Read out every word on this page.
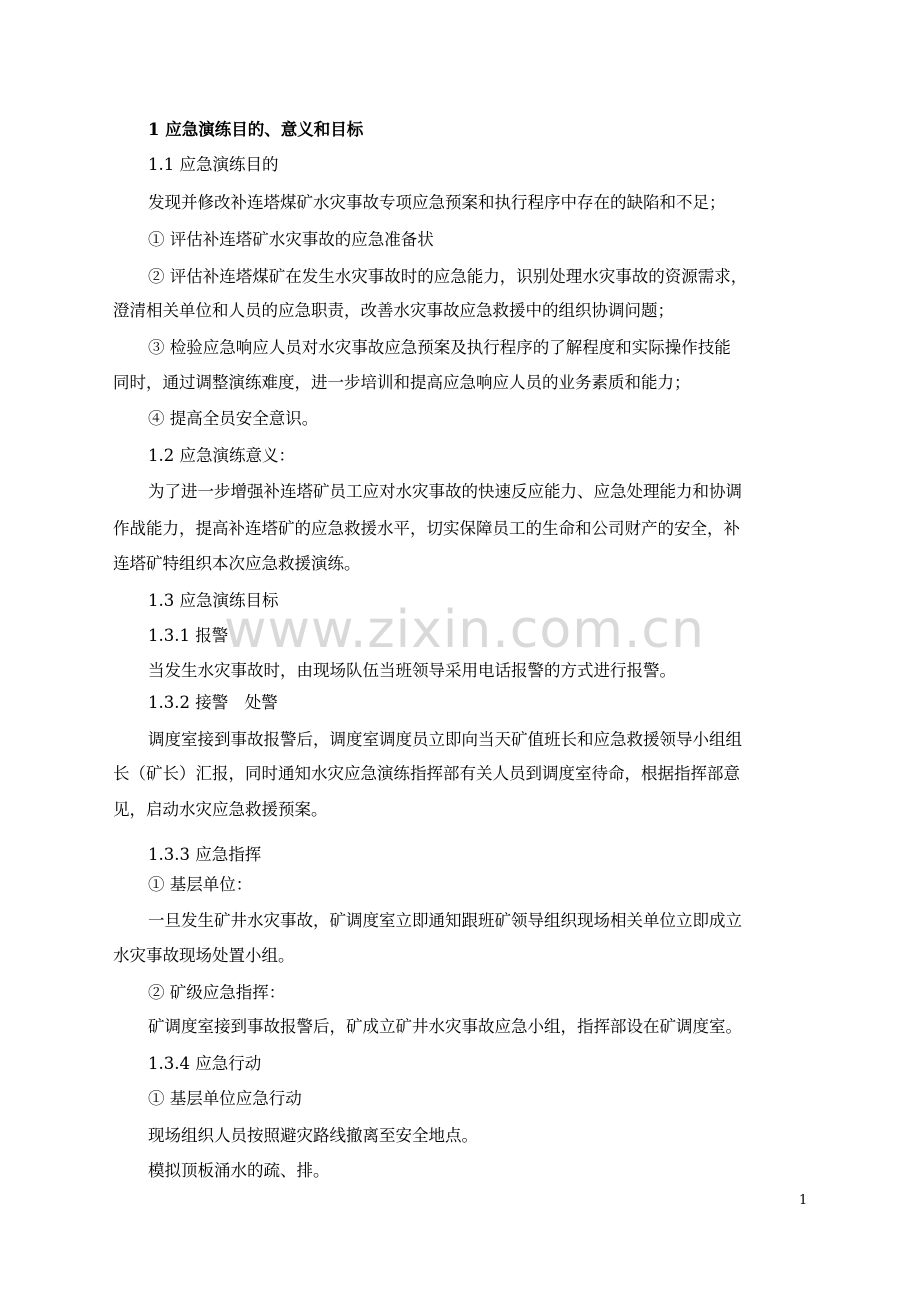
1 应急演练目的、意义和目标
1.1 应急演练目的
发现并修改补连塔煤矿水灾事故专项应急预案和执行程序中存在的缺陷和不足；
① 评估补连塔矿水灾事故的应急准备状
② 评估补连塔煤矿在发生水灾事故时的应急能力，识别处理水灾事故的资源需求，
澄清相关单位和人员的应急职责，改善水灾事故应急救援中的组织协调问题；
③ 检验应急响应人员对水灾事故应急预案及执行程序的了解程度和实际操作技能
同时，通过调整演练难度，进一步培训和提高应急响应人员的业务素质和能力；
④ 提高全员安全意识。
1.2 应急演练意义：
为了进一步增强补连塔矿员工应对水灾事故的快速反应能力、应急处理能力和协调
作战能力，提高补连塔矿的应急救援水平，切实保障员工的生命和公司财产的安全，补
连塔矿特组织本次应急救援演练。
1.3 应急演练目标
1.3.1 报警
当发生水灾事故时，由现场队伍当班领导采用电话报警的方式进行报警。
1.3.2 接警　处警
调度室接到事故报警后，调度室调度员立即向当天矿值班长和应急救援领导小组组
长（矿长）汇报，同时通知水灾应急演练指挥部有关人员到调度室待命，根据指挥部意
见，启动水灾应急救援预案。
1.3.3 应急指挥
① 基层单位：
一旦发生矿井水灾事故，矿调度室立即通知跟班矿领导组织现场相关单位立即成立
水灾事故现场处置小组。
② 矿级应急指挥：
矿调度室接到事故报警后，矿成立矿井水灾事故应急小组，指挥部设在矿调度室。
1.3.4 应急行动
① 基层单位应急行动
现场组织人员按照避灾路线撤离至安全地点。
模拟顶板涌水的疏、排。
www.zixin.com.cn
1
